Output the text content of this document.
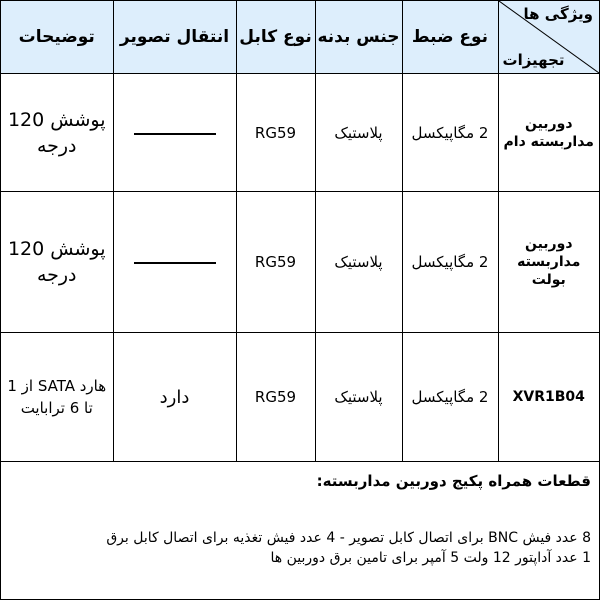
توضیحات	انتقال تصویر	نوع کابل	جنس بدنه	نوع ضبط	ویژگی ها
تجهیزات

پوشش 120 درجه		RG59	پلاستیک	2 مگاپیکسل	دوربین مداربسته دام
پوشش 120 درجه		RG59	پلاستیک	2 مگاپیکسل	دوربین مداربسته بولت
هارد SATA از 1 تا 6 ترابایت	دارد	RG59	پلاستیک	2 مگاپیکسل	XVR1B04
قطعات همراه پکیج دوربین مداربسته:
8 عدد فیش BNC برای اتصال کابل تصویر - 4 عدد فیش تغذیه برای اتصال کابل برق
1 عدد آداپتور 12 ولت 5 آمپر برای تامین برق دوربین ها
